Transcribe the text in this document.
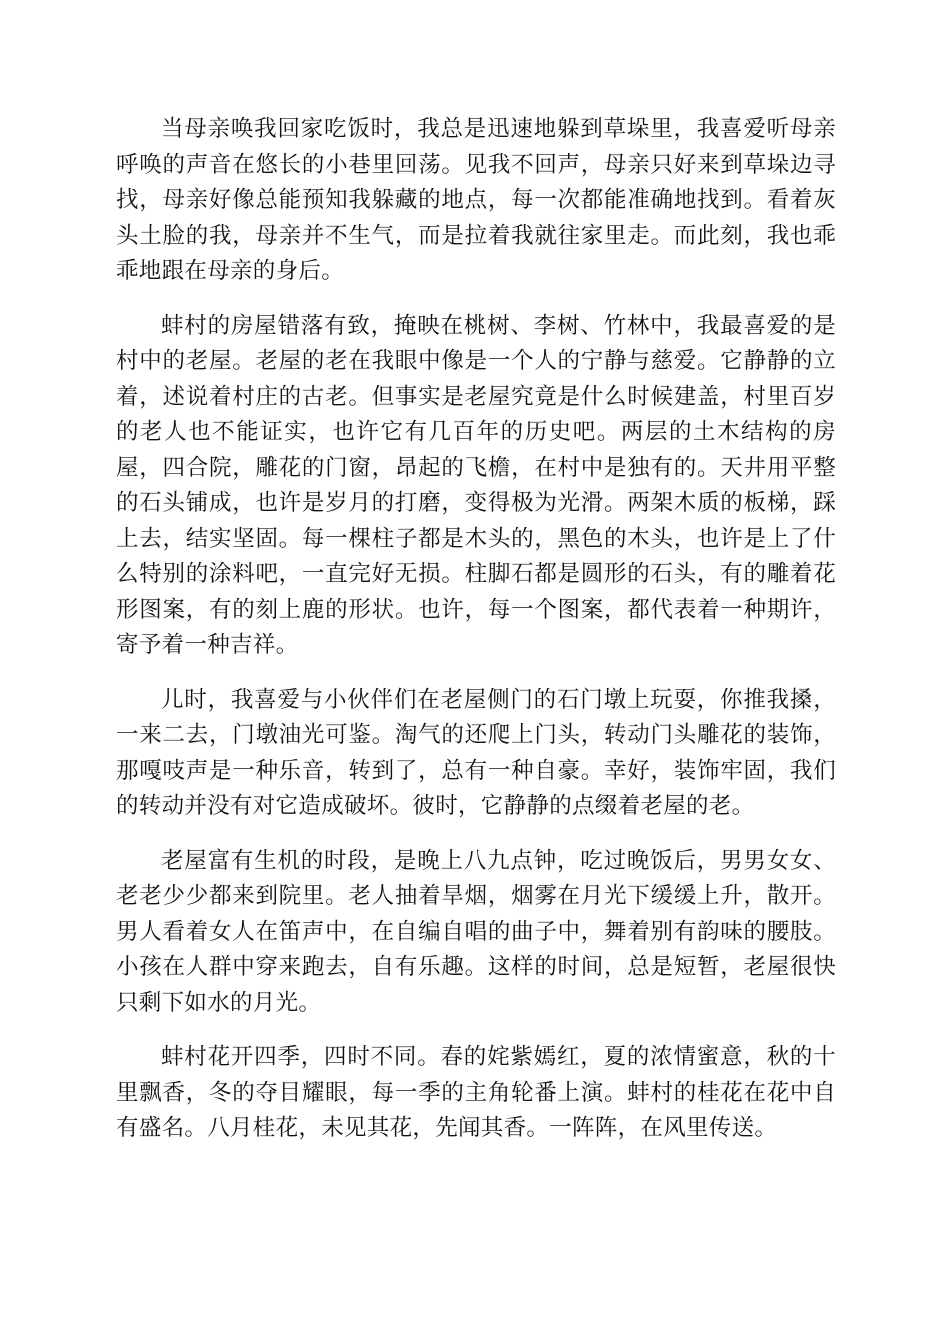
当母亲唤我回家吃饭时，我总是迅速地躲到草垛里，我喜爱听母亲呼唤的声音在悠长的小巷里回荡。见我不回声，母亲只好来到草垛边寻找，母亲好像总能预知我躲藏的地点，每一次都能准确地找到。看着灰头土脸的我，母亲并不生气，而是拉着我就往家里走。而此刻，我也乖乖地跟在母亲的身后。

蚌村的房屋错落有致，掩映在桃树、李树、竹林中，我最喜爱的是村中的老屋。老屋的老在我眼中像是一个人的宁静与慈爱。它静静的立着，述说着村庄的古老。但事实是老屋究竟是什么时候建盖，村里百岁的老人也不能证实，也许它有几百年的历史吧。两层的土木结构的房屋，四合院，雕花的门窗，昂起的飞檐，在村中是独有的。天井用平整的石头铺成，也许是岁月的打磨，变得极为光滑。两架木质的板梯，踩上去，结实坚固。每一棵柱子都是木头的，黑色的木头，也许是上了什么特别的涂料吧，一直完好无损。柱脚石都是圆形的石头，有的雕着花形图案，有的刻上鹿的形状。也许，每一个图案，都代表着一种期许，寄予着一种吉祥。

儿时，我喜爱与小伙伴们在老屋侧门的石门墩上玩耍，你推我搡，一来二去，门墩油光可鉴。淘气的还爬上门头，转动门头雕花的装饰，那嘎吱声是一种乐音，转到了，总有一种自豪。幸好，装饰牢固，我们的转动并没有对它造成破坏。彼时，它静静的点缀着老屋的老。

老屋富有生机的时段，是晚上八九点钟，吃过晚饭后，男男女女、老老少少都来到院里。老人抽着旱烟，烟雾在月光下缓缓上升，散开。男人看着女人在笛声中，在自编自唱的曲子中，舞着别有韵味的腰肢。小孩在人群中穿来跑去，自有乐趣。这样的时间，总是短暂，老屋很快只剩下如水的月光。

蚌村花开四季，四时不同。春的姹紫嫣红，夏的浓情蜜意，秋的十里飘香，冬的夺目耀眼，每一季的主角轮番上演。蚌村的桂花在花中自有盛名。八月桂花，未见其花，先闻其香。一阵阵，在风里传送。
